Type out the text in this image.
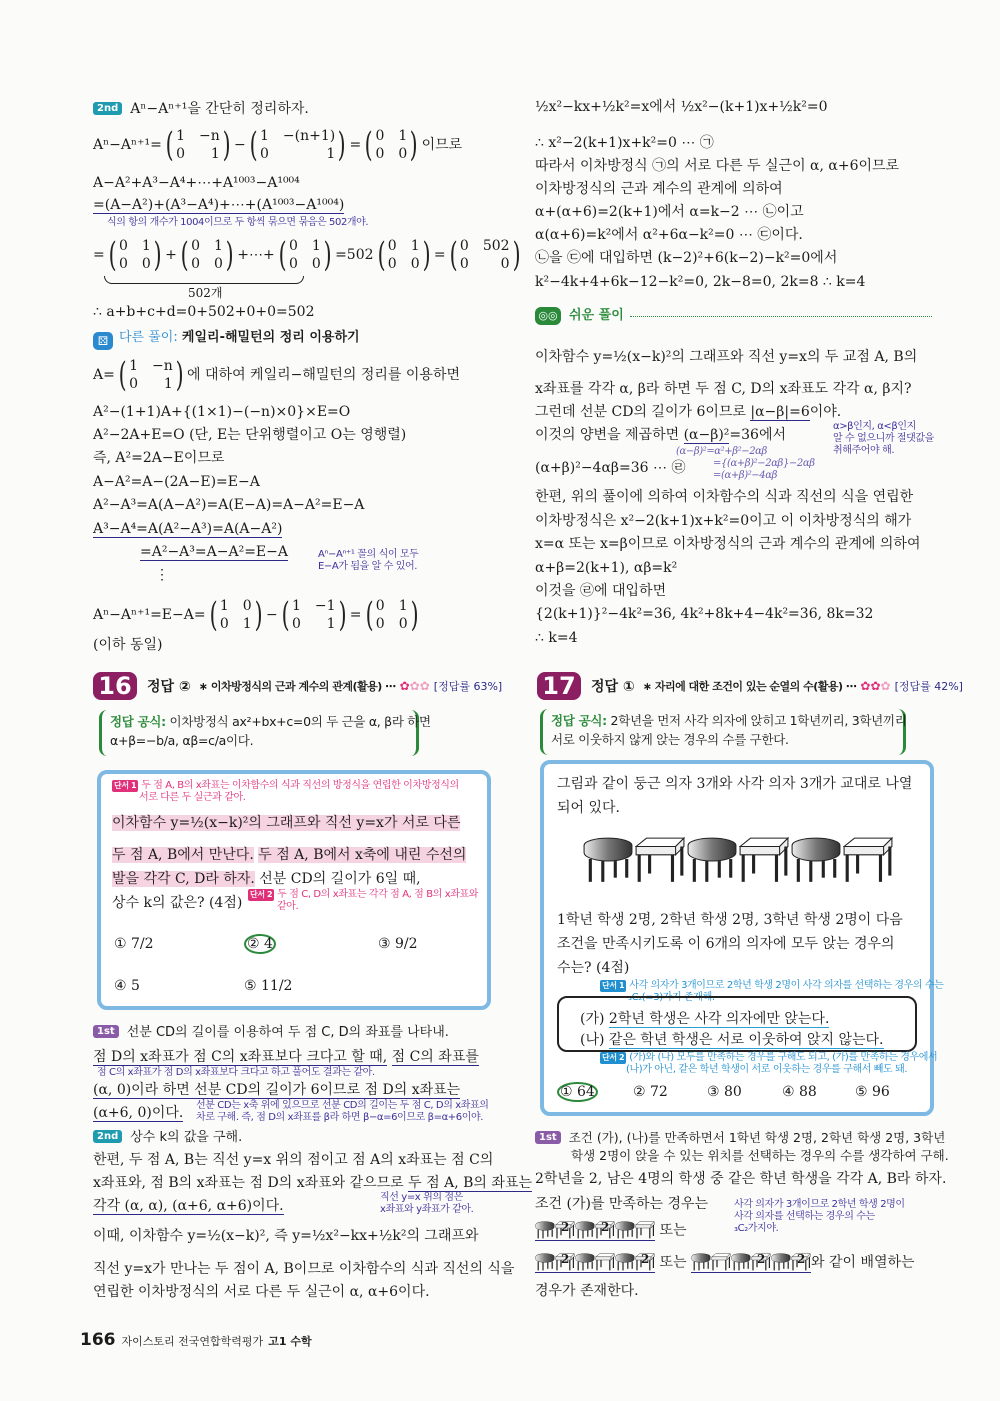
2nd Aⁿ−Aⁿ⁺¹을 간단히 정리하자.
Aⁿ−Aⁿ⁺¹= ( 1 −n
0	1 ) − ( 1 −(n+1)
0	1 ) = ( 0 1
0 0 ) 이므로
A−A²+A³−A⁴+⋯+A¹⁰⁰³−A¹⁰⁰⁴
=(A−A²)+(A³−A⁴)+⋯+(A¹⁰⁰³−A¹⁰⁰⁴)
식의 항의 개수가 1004이므로 두 항씩 묶으면 묶음은 502개야.
= ( 0 1
0 0 ) + ( 0 1
0 0 ) +⋯+ ( 0 1
0 0 ) =502 ( 0 1
0 0 ) = ( 0 502
0	0 )
502개
∴ a+b+c+d=0+502+0+0=502
⚄ 다른 풀이: 케일리-해밀턴의 정리 이용하기
A= ( 1 −n
0	1 ) 에 대하여 케일리−해밀턴의 정리를 이용하면
A²−(1+1)A+{(1×1)−(−n)×0}×E=O
A²−2A+E=O (단, E는 단위행렬이고 O는 영행렬)
즉, A²=2A−E이므로
A−A²=A−(2A−E)=E−A
A²−A³=A(A−A²)=A(E−A)=A−A²=E−A
A³−A⁴=A(A²−A³)=A(A−A²)
=A²−A³=A−A²=E−A	Aⁿ−Aⁿ⁺¹ 꼴의 식이 모두
E−A가 됨을 알 수 있어.
⋮
Aⁿ−Aⁿ⁺¹=E−A= ( 1 0
0 1 ) − ( 1 −1
0	1 ) = ( 0 1
0 0 )
(이하 동일)
16	정답 ② ∗ 이차방정식의 근과 계수의 관계(활용) ⋯ ✿✿✿ [정답률 63%]
정답 공식: 이차방정식 ax²+bx+c=0의 두 근을 α, β라 하면
α+β=−b/a, αβ=c/a이다.
단서 1 두 점 A, B의 x좌표는 이차함수의 식과 직선의 방정식을 연립한 이차방정식의
서로 다른 두 실근과 같아.
이차함수 y=½(x−k)²의 그래프와 직선 y=x가 서로 다른
두 점 A, B에서 만난다. 두 점 A, B에서 x축에 내린 수선의
발을 각각 C, D라 하자. 선분 CD의 길이가 6일 때,
상수 k의 값은? (4점)
단서 2 두 점 C, D의 x좌표는 각각 점 A, 점 B의 x좌표와
같아.
① 7/2	② 4	③ 9/2
④ 5	⑤ 11/2
1st 선분 CD의 길이를 이용하여 두 점 C, D의 좌표를 나타내.
점 D의 x좌표가 점 C의 x좌표보다 크다고 할 때, 점 C의 좌표를
점 C의 x좌표가 점 D의 x좌표보다 크다고 하고 풀어도 결과는 같아.
(α, 0)이라 하면 선분 CD의 길이가 6이므로 점 D의 x좌표는
(α+6, 0)이다. 선분 CD는 x축 위에 있으므로 선분 CD의 길이는 두 점 C, D의 x좌표의
차로 구해. 즉, 점 D의 x좌표를 β라 하면 β−α=6이므로 β=α+6이야.
2nd 상수 k의 값을 구해.
한편, 두 점 A, B는 직선 y=x 위의 점이고 점 A의 x좌표는 점 C의
x좌표와, 점 B의 x좌표는 점 D의 x좌표와 같으므로 두 점 A, B의 좌표는
각각 (α, α), (α+6, α+6)이다.
직선 y=x 위의 점은
x좌표와 y좌표가 같아.
이때, 이차함수 y=½(x−k)², 즉 y=½x²−kx+½k²의 그래프와
직선 y=x가 만나는 두 점이 A, B이므로 이차함수의 식과 직선의 식을
연립한 이차방정식의 서로 다른 두 실근이 α, α+6이다.
½x²−kx+½k²=x에서 ½x²−(k+1)x+½k²=0
∴ x²−2(k+1)x+k²=0 ⋯ ㉠
따라서 이차방정식 ㉠의 서로 다른 두 실근이 α, α+6이므로
이차방정식의 근과 계수의 관계에 의하여
α+(α+6)=2(k+1)에서 α=k−2 ⋯ ㉡이고
α(α+6)=k²에서 α²+6α−k²=0 ⋯ ㉢이다.
㉡을 ㉢에 대입하면 (k−2)²+6(k−2)−k²=0에서
k²−4k+4+6k−12−k²=0, 2k−8=0, 2k=8 ∴ k=4
◎◎ 쉬운 풀이
이차함수 y=½(x−k)²의 그래프와 직선 y=x의 두 교점 A, B의
x좌표를 각각 α, β라 하면 두 점 C, D의 x좌표도 각각 α, β지?
그런데 선분 CD의 길이가 6이므로 |α−β|=6이야.
이것의 양변을 제곱하면 (α−β)²=36에서
α>β인지, α<β인지
알 수 없으니까 절댓값을
취해주어야 해.
(α−β)²=α²+β²−2αβ
={(α+β)²−2αβ}−2αβ
=(α+β)²−4αβ
(α+β)²−4αβ=36 ⋯ ㉣
한편, 위의 풀이에 의하여 이차함수의 식과 직선의 식을 연립한
이차방정식은 x²−2(k+1)x+k²=0이고 이 이차방정식의 해가
x=α 또는 x=β이므로 이차방정식의 근과 계수의 관계에 의하여
α+β=2(k+1), αβ=k²
이것을 ㉣에 대입하면
{2(k+1)}²−4k²=36, 4k²+8k+4−4k²=36, 8k=32
∴ k=4
17	정답 ① ∗ 자리에 대한 조건이 있는 순열의 수(활용) ⋯ ✿✿✿ [정답률 42%]
정답 공식: 2학년을 먼저 사각 의자에 앉히고 1학년끼리, 3학년끼리
서로 이웃하지 않게 앉는 경우의 수를 구한다.
그림과 같이 둥근 의자 3개와 사각 의자 3개가 교대로 나열
되어 있다.
1학년 학생 2명, 2학년 학생 2명, 3학년 학생 2명이 다음
조건을 만족시키도록 이 6개의 의자에 모두 앉는 경우의
수는? (4점)
단서 1 사각 의자가 3개이므로 2학년 학생 2명이 사각 의자를 선택하는 경우의 수는
₃C₂(=3)가지 존재해.
(가) 2학년 학생은 사각 의자에만 앉는다.
(나) 같은 학년 학생은 서로 이웃하여 앉지 않는다.
단서 2 (가)와 (나) 모두를 만족하는 경우를 구해도 되고, (가)를 만족하는 경우에서
(나)가 아닌, 같은 학년 학생이 서로 이웃하는 경우를 구해서 빼도 돼.
① 64	② 72	③ 80	④ 88	⑤ 96
1st 조건 (가), (나)를 만족하면서 1학년 학생 2명, 2학년 학생 2명, 3학년
학생 2명이 앉을 수 있는 위치를 선택하는 경우의 수를 생각하여 구해.
2학년을 2, 남은 4명의 학생 중 같은 학년 학생을 각각 A, B라 하자.
조건 (가)를 만족하는 경우는	사각 의자가 3개이므로 2학년 학생 2명이
사각 의자를 선택하는 경우의 수는
₃C₂가지야.
2	2	또는
2	2 또는	2	2 와 같이 배열하는
경우가 존재한다.
166 자이스토리 전국연합학력평가 고1 수학
